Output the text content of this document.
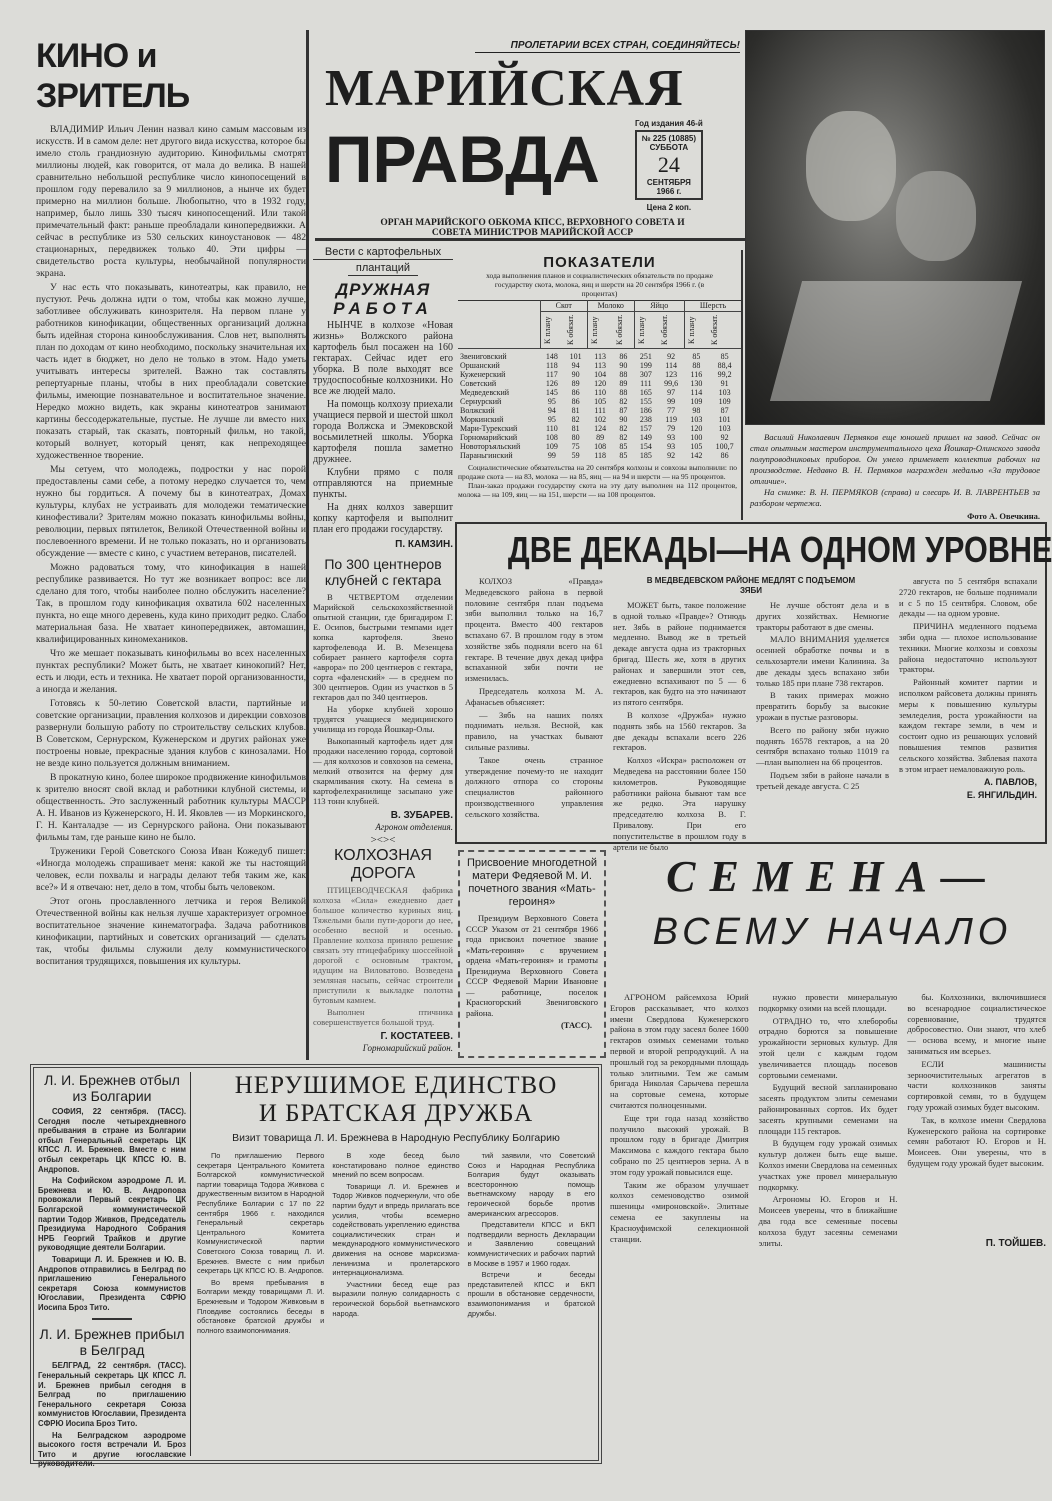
КИНО и ЗРИТЕЛЬ

ВЛАДИМИР Ильич Ленин назвал кино самым массовым из искусств. И в самом деле: нет другого вида искусства, которое бы имело столь грандиозную аудиторию. Кинофильмы смотрят миллионы людей, как говорится, от мала до велика. В нашей сравнительно небольшой республике число кинопосещений в прошлом году перевалило за 9 миллионов, а нынче их будет примерно на миллион больше. Любопытно, что в 1932 году, например, было лишь 330 тысяч кинопосещений. Или такой примечательный факт: раньше преобладали кинопередвижки. А сейчас в республике из 530 сельских киноустановок — 482 стационарных, передвижек только 40. Эти цифры — свидетельство роста культуры, необычайной популярности экрана.

У нас есть что показывать, кинотеатры, как правило, не пустуют. Речь должна идти о том, чтобы как можно лучше, заботливее обслуживать кинозрителя. На первом плане у работников кинофикации, общественных организаций должна быть идейная сторона кинообслуживания. Слов нет, выполнять план по доходам от кино необходимо, поскольку значительная их часть идет в бюджет, но дело не только в этом. Надо уметь учитывать интересы зрителей. Важно так составлять репертуарные планы, чтобы в них преобладали советские фильмы, имеющие познавательное и воспитательное значение. Нередко можно видеть, как экраны кинотеатров занимают картины бессодержательные, пустые. Не лучше ли вместо них показать старый, так сказать, повторный фильм, но такой, который волнует, который ценят, как непреходящее художественное творение.

Мы сетуем, что молодежь, подростки у нас порой предоставлены сами себе, а потому нередко случается то, чем нужно бы гордиться. А почему бы в кинотеатрах, Домах культуры, клубах не устраивать для молодежи тематические кинофестивали? Зрителям можно показать кинофильмы войны, революции, первых пятилеток, Великой Отечественной войны и послевоенного времени. И не только показать, но и организовать обсуждение — вместе с кино, с участием ветеранов, писателей.

Можно радоваться тому, что кинофикация в нашей республике развивается. Но тут же возникает вопрос: все ли сделано для того, чтобы наиболее полно обслужить население? Так, в прошлом году кинофикация охватила 602 населенных пункта, но еще много деревень, куда кино приходит редко. Слабо материальная база. Не хватает кинопередвижек, автомашин, квалифицированных киномехаников.

Что же мешает показывать кинофильмы во всех населенных пунктах республики? Может быть, не хватает кинокопий? Нет, есть и люди, есть и техника. Не хватает порой организованности, а иногда и желания.

Готовясь к 50-летию Советской власти, партийные и советские организации, правления колхозов и дирекции совхозов развернули большую работу по строительству сельских клубов. В Советском, Сернурском, Куженерском и других районах уже построены новые, прекрасные здания клубов с кинозалами. Но не везде кино пользуется должным вниманием.

В прокатную кино, более широкое продвижение кинофильмов к зрителю вносят свой вклад и работники клубной системы, и общественность. Это заслуженный работник культуры МАССР А. Н. Иванов из Куженерского, Н. И. Яковлев — из Моркинского, Г. Н. Канталадзе — из Сернурского района. Они показывают фильмы там, где раньше кино не было.

Труженики Герой Советского Союза Иван Кожедуб пишет: «Иногда молодежь спрашивает меня: какой же ты настоящий человек, если похвалы и награды делают тебя таким же, как все?» И я отвечаю: нет, дело в том, чтобы быть человеком.

Этот огонь прославленного летчика и героя Великой Отечественной войны как нельзя лучше характеризует огромное воспитательное значение кинематографа. Задача работников кинофикации, партийных и советских организаций — сделать так, чтобы фильмы служили делу коммунистического воспитания трудящихся, повышения их культуры.

ПРОЛЕТАРИИ ВСЕХ СТРАН, СОЕДИНЯЙТЕСЬ!
МАРИЙСКАЯ
ПРАВДА	Год издания 46-й
№ 225 (10885)
СУББОТА
24
СЕНТЯБРЯ
1966 г.
Цена 2 коп.
ОРГАН МАРИЙСКОГО ОБКОМА КПСС, ВЕРХОВНОГО СОВЕТА И СОВЕТА МИНИСТРОВ МАРИЙСКОЙ АССР
Василий Николаевич Пермяков еще юношей пришел на завод. Сейчас он стал опытным мастером инструментального цеха Йошкар-Олинского завода полупроводниковых приборов. Он умело применяет коллектив рабочих на производстве. Недавно В. Н. Пермяков награжден медалью «За трудовое отличие».
На снимке: В. Н. ПЕРМЯКОВ (справа) и слесарь И. В. ЛАВРЕНТЬЕВ за разбором чертежа.
Фото А. Овечкина.
Вести с картофельных
плантаций
ДРУЖНАЯ
РАБОТА

НЫНЧЕ в колхозе «Новая жизнь» Волжского района картофель был посажен на 160 гектарах. Сейчас идет его уборка. В поле выходят все трудоспособные колхозники. Но все же людей мало.

На помощь колхозу приехали учащиеся первой и шестой школ города Волжска и Эмековской восьмилетней школы. Уборка картофеля пошла заметно дружнее.

Клубни прямо с поля отправляются на приемные пункты.

На днях колхоз завершит копку картофеля и выполнит план его продажи государству.

П. КАМЗИН.
По 300 центнеров клубней с гектара

В ЧЕТВЕРТОМ отделении Марийской сельскохозяйственной опытной станции, где бригадиром Г. Е. Осипов, быстрыми темпами идет копка картофеля. Звено картофелевода И. В. Мезенцева собирает раннего картофеля сорта «аврора» по 200 центнеров с гектара, сорта «фаленский» — в среднем по 300 центнеров. Один из участков в 5 гектаров дал по 340 центнеров.

На уборке клубней хорошо трудятся учащиеся медицинского училища из города Йошкар-Олы.

Выкопанный картофель идет для продажи населению города, сортовой — для колхозов и совхозов на семена, мелкий отвозится на ферму для скармливания скоту. На семена в картофелехранилище засыпано уже 113 тонн клубней.

В. ЗУБАРЕВ.
Агроном отделения.
><><
КОЛХОЗНАЯ
ДОРОГА

ПТИЦЕВОДЧЕСКАЯ фабрика колхоза «Сила» ежедневно дает большое количество куриных яиц. Тяжелыми были пути-дороги до нее, особенно весной и осенью. Правление колхоза приняло решение связать эту птицефабрику шоссейной дорогой с основным трактом, идущим на Виловатово. Возведена земляная насыпь, сейчас строители приступили к выкладке полотна бутовым камнем.

Выполнен птичника совершенствуется большой труд.

Г. КОСТАТЕЕВ.
Горномарийский район.
ПОКАЗАТЕЛИ
хода выполнения планов и социалистических обязательств по продаже государству скота, молока, яиц и шерсти на 20 сентября 1966 г. (в процентах)
	Скот		Молоко		Яйцо		Шерсть	

	К плану	К обязат.	К плану	К обязат.	К плану	К обязат.	К плану	К обязат.

Звениговский	148	101	113	86	251	92	85	85
Оршанский	118	94	113	90	199	114	88	88,4
Куженерский	117	90	104	88	307	123	116	99,2
Советский	126	89	120	89	111	99,6	130	91
Медведевский	145	86	110	88	165	97	114	103
Сернурский	95	86	105	82	155	99	109	109
Волжский	94	81	111	87	186	77	98	87
Моркинский	95	82	102	90	238	119	103	101
Мари-Турекский	110	81	124	82	157	79	120	103
Горномарийский	108	80	89	82	149	93	100	92
Новоторъяльский	109	75	108	85	154	93	105	100,7
Параньгинский	99	59	118	85	185	92	142	86
Социалистические обязательства на 20 сентября колхозы и совхозы выполнили: по продаже скота — на 83, молока — на 85, яиц — на 94 и шерсти — на 95 процентов.
План-заказ продажи государству скота на эту дату выполнен на 112 процентов, молока — на 109, яиц — на 151, шерсти — на 108 процентов.
ДВЕ ДЕКАДЫ—НА ОДНОМ УРОВНЕ

КОЛХОЗ «Правда» Медведевского района в первой половине сентября план подъема зяби выполнил только на 16,7 процента. Вместо 400 гектаров вспахано 67. В прошлом году в этом хозяйстве зябь подняли всего на 61 гектаре. В течение двух декад цифра вспаханной зяби почти не изменилась.

Председатель колхоза М. А. Афанасьев объясняет:

— Зябь на наших полях поднимать нельзя. Весной, как правило, на участках бывают сильные разливы.

Такое очень странное утверждение почему-то не находит должного отпора со стороны специалистов районного производственного управления сельского хозяйства.

В МЕДВЕДЕВСКОМ РАЙОНЕ МЕДЛЯТ С ПОДЪЕМОМ ЗЯБИ

МОЖЕТ быть, такое положение в одной только «Правде»? Отнюдь нет. Зябь в районе поднимается медленно. Вывод же в третьей декаде августа одна из тракторных бригад. Шесть же, хотя в других районах и завершили этот сев, ежедневно вспахивают по 5 — 6 гектаров, как будто на это начинают из пятого сентября.

В колхозе «Дружба» нужно поднять зябь на 1560 гектаров. За две декады вспахали всего 226 гектаров.

Колхоз «Искра» расположен от Медведева на расстоянии более 150 километров. Руководящие работники района бывают там все же редко. Эта нарушку председателю колхоза В. Г. Привалову. При его попустительстве в прошлом году в артели не было

Не лучше обстоят дела и в других хозяйствах. Немногие тракторы работают в две смены.

МАЛО ВНИМАНИЯ уделяется осенней обработке почвы и в сельхозартели имени Калинина. За две декады здесь вспахано зяби только 185 при плане 738 гектаров.

В таких примерах можно превратить борьбу за высокие урожаи в пустые разговоры.

Всего по району зяби нужно поднять 16578 гектаров, а на 20 сентября вспахано только 11019 га—план выполнен на 66 процентов.

Подъем зяби в районе начали в третьей декаде августа. С 25

августа по 5 сентября вспахали 2720 гектаров, не больше поднимали и с 5 по 15 сентября. Словом, обе декады — на одном уровне.

ПРИЧИНА медленного подъема зяби одна — плохое использование техники. Многие колхозы и совхозы района недостаточно используют тракторы.

Районный комитет партии и исполком райсовета должны принять меры к повышению культуры земледелия, роста урожайности на каждом гектаре земли, в чем и состоит одно из решающих условий повышения темпов развития сельского хозяйства. Зяблевая пахота в этом играет немаловажную роль.

А. ПАВЛОВ,
Е. ЯНГИЛЬДИН.
СЕМЕНА—
ВСЕМУ НАЧАЛО

АГРОНОМ райсемхоза Юрий Егоров рассказывает, что колхоз имени Свердлова Куженерского района в этом году засеял более 1600 гектаров озимых семенами только первой и второй репродукций. А на прошлый год за рекордными площадь только элитными. Тем же самым бригада Николая Сарычева перешла на сортовые семена, которые считаются полноценными.

Еще три года назад хозяйство получило высокий урожай. В прошлом году в бригаде Дмитрия Максимова с каждого гектара было собрано по 25 центнеров зерна. А в этом году урожай повысился еще.

Таким же образом улучшает колхоз семеноводство озимой пшеницы «мироновской». Элитные семена ее закуплены на Красноуфимской селекционной станции.

нужно провести минеральную подкормку озими на всей площади.

ОТРАДНО то, что хлеборобы отрадно борются за повышение урожайности зерновых культур. Для этой цели с каждым годом увеличивается площадь посевов сортовыми семенами.

Будущий весной запланировано засеять продуктом элиты семенами районированных сортов. Их будет засеять крупными семенами на площади 115 гектаров.

В будущем году урожай озимых культур должен быть еще выше. Колхоз имени Свердлова на семенных участках уже провел минеральную подкормку.

Агрономы Ю. Егоров и Н. Моисеев уверены, что в ближайшие два года все семенные посевы колхоза будут засеяны семенами элиты.

бы. Колхозники, включившиеся во всенародное социалистическое соревнование, трудятся добросовестно. Они знают, что хлеб — основа всему, и многие ныне заниматься им всерьез.

ЕСЛИ машинисты зерноочистительных агрегатов в части колхозников заняты сортировкой семян, то в будущем году урожай озимых будет высоким.

Так, в колхозе имени Свердлова Куженерского района на сортировке семян работают Ю. Егоров и Н. Моисеев. Они уверены, что в будущем году урожай будет высоким.

П. ТОЙШЕВ.
Присвоение многодетной матери Федяевой М. И. почетного звания «Мать-героиня»
Президиум Верховного Совета СССР Указом от 21 сентября 1966 года присвоил почетное звание «Мать-героиня» с вручением ордена «Мать-героиня» и грамоты Президиума Верховного Совета СССР Федяевой Марии Ивановне — работнице, поселок Красногорский Звениговского района.
(ТАСС).
Л. И. Брежнев отбыл из Болгарии

СОФИЯ, 22 сентября. (ТАСС). Сегодня после четырехдневного пребывания в стране из Болгарии отбыл Генеральный секретарь ЦК КПСС Л. И. Брежнев. Вместе с ним отбыл секретарь ЦК КПСС Ю. В. Андропов.

На Софийском аэродроме Л. И. Брежнева и Ю. В. Андропова провожали Первый секретарь ЦК Болгарской коммунистической партии Тодор Живков, Председатель Президиума Народного Собрания НРБ Георгий Трайков и другие руководящие деятели Болгарии.

Товарищи Л. И. Брежнев и Ю. В. Андропов отправились в Белград по приглашению Генерального секретаря Союза коммунистов Югославии, Президента СФРЮ Иосипа Броз Тито.

Л. И. Брежнев прибыл в Белград

БЕЛГРАД, 22 сентября. (ТАСС). Генеральный секретарь ЦК КПСС Л. И. Брежнев прибыл сегодня в Белград по приглашению Генерального секретаря Союза коммунистов Югославии, Президента СФРЮ Иосипа Броз Тито.

На Белградском аэродроме высокого гостя встречали И. Броз Тито и другие югославские руководители.

НЕРУШИМОЕ ЕДИНСТВО
И БРАТСКАЯ ДРУЖБА
Визит товарища Л. И. Брежнева в Народную Республику Болгарию

По приглашению Первого секретаря Центрального Комитета Болгарской коммунистической партии товарища Тодора Живкова с дружественным визитом в Народной Республике Болгарии с 17 по 22 сентября 1966 г. находился Генеральный секретарь Центрального Комитета Коммунистической партии Советского Союза товарищ Л. И. Брежнев. Вместе с ним прибыл секретарь ЦК КПСС Ю. В. Андропов.

Во время пребывания в Болгарии между товарищами Л. И. Брежневым и Тодором Живковым в Пловдиве состоялись беседы в обстановке братской дружбы и полного взаимопонимания.

В ходе бесед было констатировано полное единство мнений по всем вопросам.

Товарищи Л. И. Брежнев и Тодор Живков подчеркнули, что обе партии будут и впредь прилагать все усилия, чтобы всемерно содействовать укреплению единства социалистических стран и международного коммунистического движения на основе марксизма-ленинизма и пролетарского интернационализма.

Участники бесед еще раз выразили полную солидарность с героической борьбой вьетнамского народа.

тий заявили, что Советский Союз и Народная Республика Болгария будут оказывать всестороннюю помощь вьетнамскому народу в его героической борьбе против американских агрессоров.

Представители КПСС и БКП подтвердили верность Декларации и Заявлению совещаний коммунистических и рабочих партий в Москве в 1957 и 1960 годах.

Встречи и беседы представителей КПСС и БКП прошли в обстановке сердечности, взаимопонимания и братской дружбы.
